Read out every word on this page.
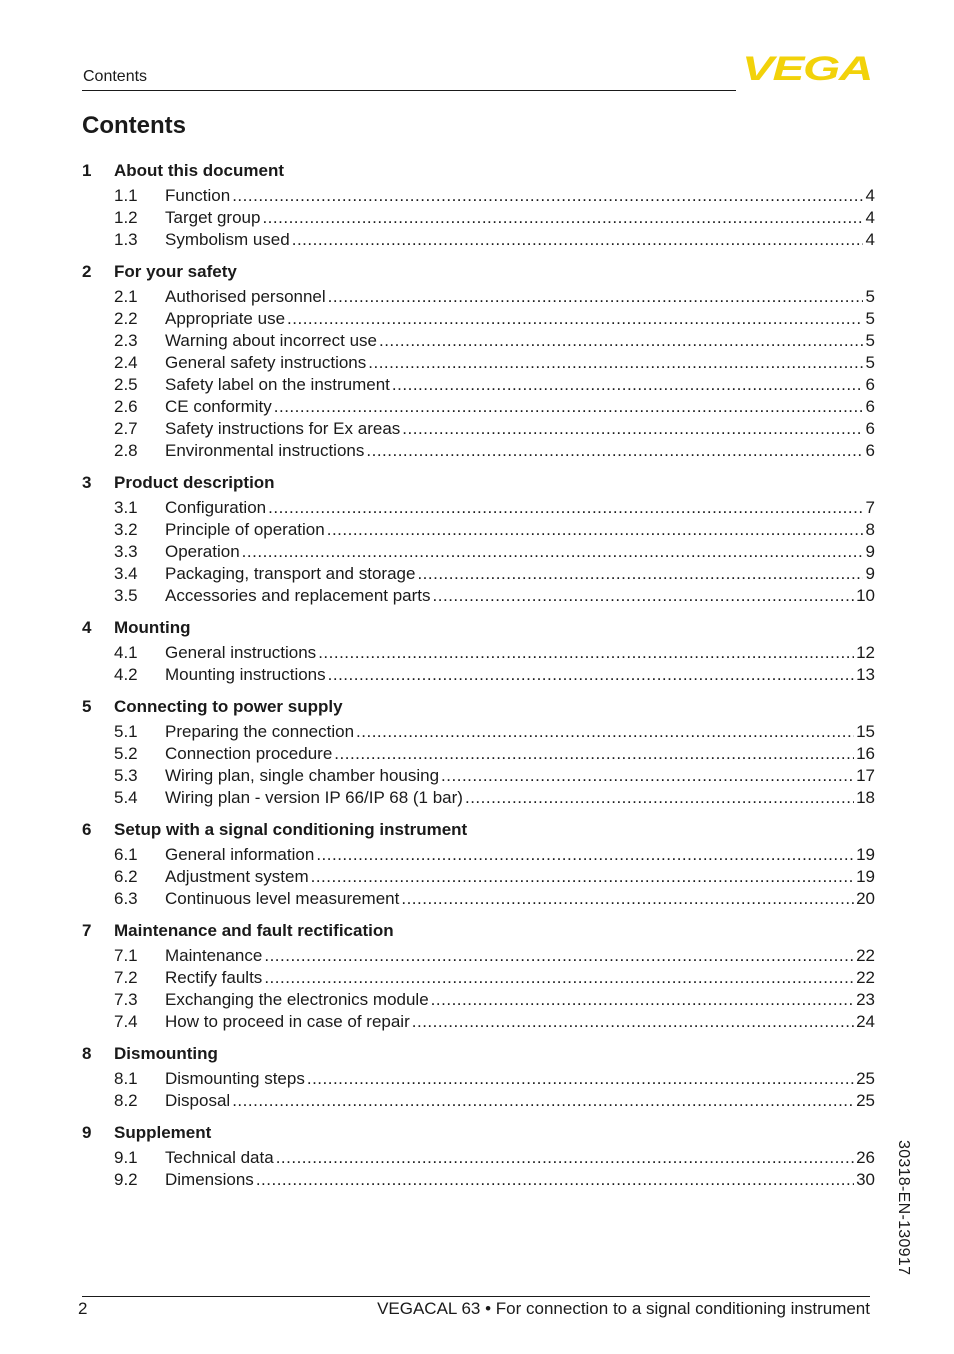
Contents	VEGA
Contents
1	About this document
1.1	Function .....	4
1.2	Target group .....	4
1.3	Symbolism used .....	4
2	For your safety
2.1	Authorised personnel .....	5
2.2	Appropriate use .....	5
2.3	Warning about incorrect use .....	5
2.4	General safety instructions .....	5
2.5	Safety label on the instrument .....	6
2.6	CE conformity .....	6
2.7	Safety instructions for Ex areas .....	6
2.8	Environmental instructions .....	6
3	Product description
3.1	Configuration .....	7
3.2	Principle of operation .....	8
3.3	Operation .....	9
3.4	Packaging, transport and storage .....	9
3.5	Accessories and replacement parts .....	10
4	Mounting
4.1	General instructions .....	12
4.2	Mounting instructions .....	13
5	Connecting to power supply
5.1	Preparing the connection .....	15
5.2	Connection procedure .....	16
5.3	Wiring plan, single chamber housing .....	17
5.4	Wiring plan - version IP 66/IP 68 (1 bar) .....	18
6	Setup with a signal conditioning instrument
6.1	General information .....	19
6.2	Adjustment system .....	19
6.3	Continuous level measurement .....	20
7	Maintenance and fault rectification
7.1	Maintenance .....	22
7.2	Rectify faults .....	22
7.3	Exchanging the electronics module .....	23
7.4	How to proceed in case of repair .....	24
8	Dismounting
8.1	Dismounting steps .....	25
8.2	Disposal .....	25
9	Supplement
9.1	Technical data .....	26
9.2	Dimensions .....	30 30318-EN-130917
2	VEGACAL 63 • For connection to a signal conditioning instrument
